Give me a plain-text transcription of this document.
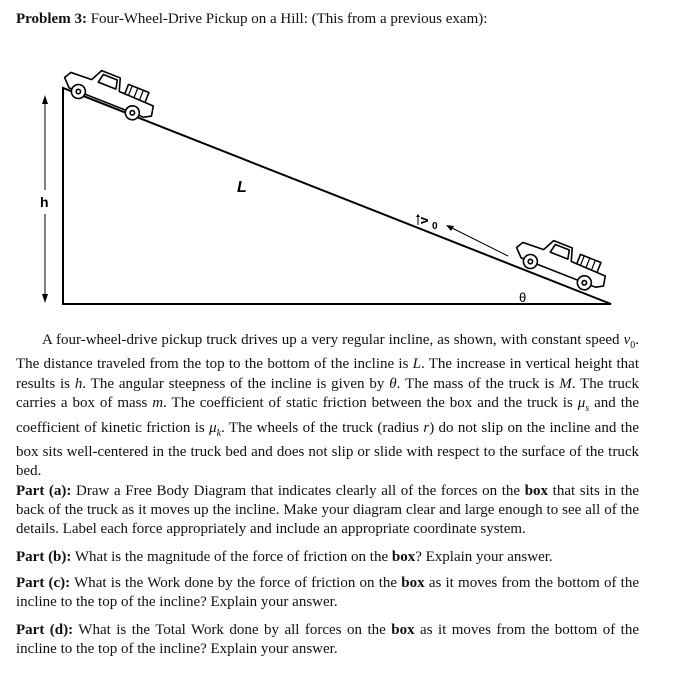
Problem 3: Four-Wheel-Drive Pickup on a Hill: (This from a previous exam):
h
L
v
0
θ

A four-wheel-drive pickup truck drives up a very regular incline, as shown, with constant speed $v_0$. The distance traveled from the top to the bottom of the incline is L. The increase in vertical height that results is h. The angular steepness of the incline is given by θ. The mass of the truck is M. The truck carries a box of mass m. The coefficient of static friction between the box and the truck is $\mu_s$ and the coefficient of kinetic friction is $\mu_k$. The wheels of the truck (radius r) do not slip on the incline and the box sits well-centered in the truck bed and does not slip or slide with respect to the surface of the truck bed.

Part (a): Draw a Free Body Diagram that indicates clearly all of the forces on the box that sits in the back of the truck as it moves up the incline. Make your diagram clear and large enough to see all of the details. Label each force appropriately and include an appropriate coordinate system.

Part (b): What is the magnitude of the force of friction on the box? Explain your answer.

Part (c): What is the Work done by the force of friction on the box as it moves from the bottom of the incline to the top of the incline? Explain your answer.

Part (d): What is the Total Work done by all forces on the box as it moves from the bottom of the incline to the top of the incline? Explain your answer.
